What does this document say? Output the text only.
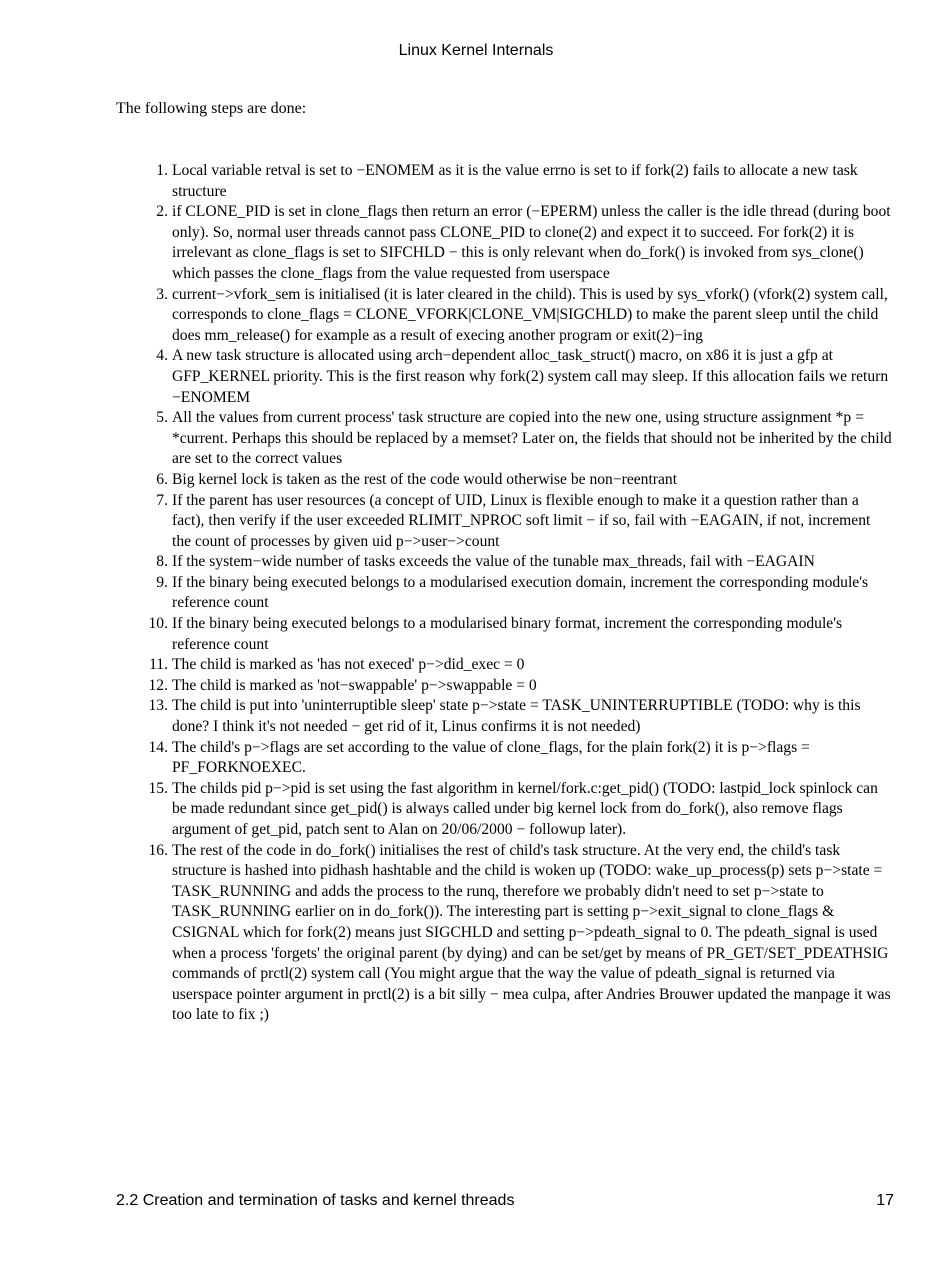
Linux Kernel Internals
The following steps are done:
1. Local variable retval is set to −ENOMEM as it is the value errno is set to if fork(2) fails to allocate a new task structure
2. if CLONE_PID is set in clone_flags then return an error (−EPERM) unless the caller is the idle thread (during boot only). So, normal user threads cannot pass CLONE_PID to clone(2) and expect it to succeed. For fork(2) it is irrelevant as clone_flags is set to SIFCHLD − this is only relevant when do_fork() is invoked from sys_clone() which passes the clone_flags from the value requested from userspace
3. current−>vfork_sem is initialised (it is later cleared in the child). This is used by sys_vfork() (vfork(2) system call, corresponds to clone_flags = CLONE_VFORK|CLONE_VM|SIGCHLD) to make the parent sleep until the child does mm_release() for example as a result of execing another program or exit(2)−ing
4. A new task structure is allocated using arch−dependent alloc_task_struct() macro, on x86 it is just a gfp at GFP_KERNEL priority. This is the first reason why fork(2) system call may sleep. If this allocation fails we return −ENOMEM
5. All the values from current process' task structure are copied into the new one, using structure assignment *p = *current. Perhaps this should be replaced by a memset? Later on, the fields that should not be inherited by the child are set to the correct values
6. Big kernel lock is taken as the rest of the code would otherwise be non−reentrant
7. If the parent has user resources (a concept of UID, Linux is flexible enough to make it a question rather than a fact), then verify if the user exceeded RLIMIT_NPROC soft limit − if so, fail with −EAGAIN, if not, increment the count of processes by given uid p−>user−>count
8. If the system−wide number of tasks exceeds the value of the tunable max_threads, fail with −EAGAIN
9. If the binary being executed belongs to a modularised execution domain, increment the corresponding module's reference count
10. If the binary being executed belongs to a modularised binary format, increment the corresponding module's reference count
11. The child is marked as 'has not execed' p−>did_exec = 0
12. The child is marked as 'not−swappable' p−>swappable = 0
13. The child is put into 'uninterruptible sleep' state p−>state = TASK_UNINTERRUPTIBLE (TODO: why is this done? I think it's not needed − get rid of it, Linus confirms it is not needed)
14. The child's p−>flags are set according to the value of clone_flags, for the plain fork(2) it is p−>flags = PF_FORKNOEXEC.
15. The childs pid p−>pid is set using the fast algorithm in kernel/fork.c:get_pid() (TODO: lastpid_lock spinlock can be made redundant since get_pid() is always called under big kernel lock from do_fork(), also remove flags argument of get_pid, patch sent to Alan on 20/06/2000 − followup later).
16. The rest of the code in do_fork() initialises the rest of child's task structure. At the very end, the child's task structure is hashed into pidhash hashtable and the child is woken up (TODO: wake_up_process(p) sets p−>state = TASK_RUNNING and adds the process to the runq, therefore we probably didn't need to set p−>state to TASK_RUNNING earlier on in do_fork()). The interesting part is setting p−>exit_signal to clone_flags & CSIGNAL which for fork(2) means just SIGCHLD and setting p−>pdeath_signal to 0. The pdeath_signal is used when a process 'forgets' the original parent (by dying) and can be set/get by means of PR_GET/SET_PDEATHSIG commands of prctl(2) system call (You might argue that the way the value of pdeath_signal is returned via userspace pointer argument in prctl(2) is a bit silly − mea culpa, after Andries Brouwer updated the manpage it was too late to fix ;)
2.2 Creation and termination of tasks and kernel threads	17
